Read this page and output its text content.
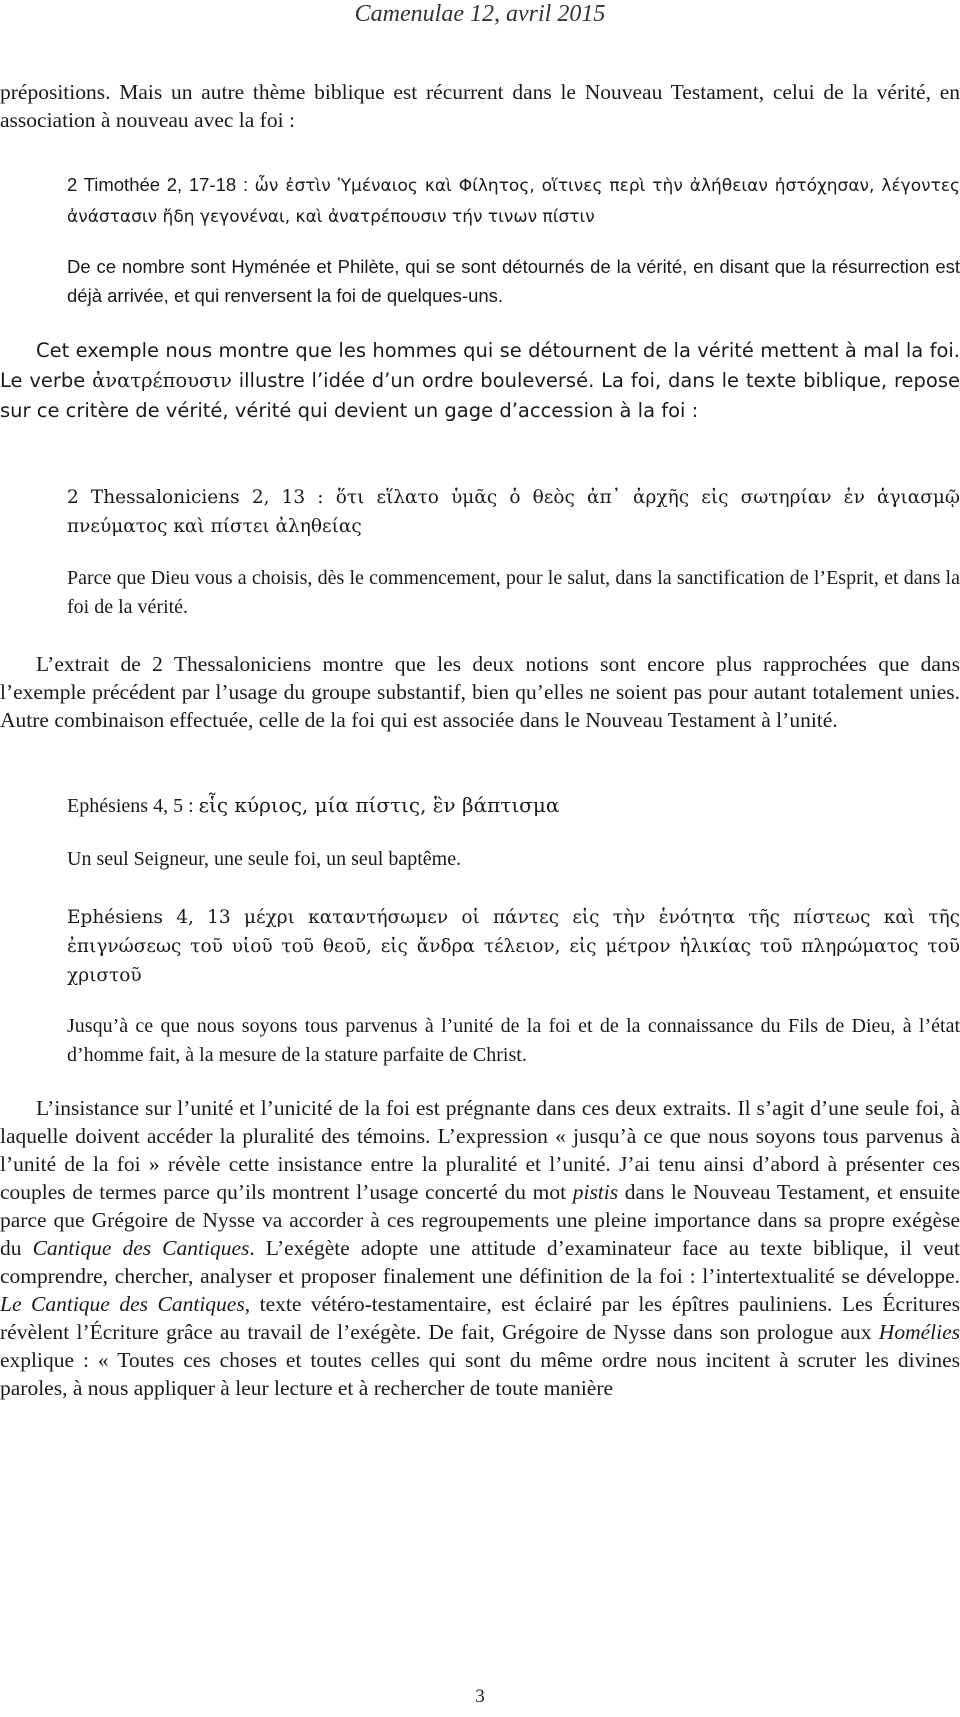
Camenulae 12, avril 2015

prépositions. Mais un autre thème biblique est récurrent dans le Nouveau Testament, celui de la vérité, en association à nouveau avec la foi :

2 Timothée 2, 17-18 : ὧν ἐστὶν Ὑμέναιος καὶ Φίλητος, οἵτινες περὶ τὴν ἀλήθειαν ἠστόχησαν, λέγοντες ἀνάστασιν ἤδη γεγονέναι, καὶ ἀνατρέπουσιν τήν τινων πίστιν
De ce nombre sont Hyménée et Philète, qui se sont détournés de la vérité, en disant que la résurrection est déjà arrivée, et qui renversent la foi de quelques-uns.

Cet exemple nous montre que les hommes qui se détournent de la vérité mettent à mal la foi. Le verbe ἀνατρέπουσιν illustre l’idée d’un ordre bouleversé. La foi, dans le texte biblique, repose sur ce critère de vérité, vérité qui devient un gage d’accession à la foi :

2 Thessaloniciens 2, 13 : ὅτι εἵλατο ὑμᾶς ὁ θεὸς ἀπ᾽ ἀρχῆς εἰς σωτηρίαν ἐν ἁγιασμῷ πνεύματος καὶ πίστει ἀληθείας
Parce que Dieu vous a choisis, dès le commencement, pour le salut, dans la sanctification de l’Esprit, et dans la foi de la vérité.

L’extrait de 2 Thessaloniciens montre que les deux notions sont encore plus rapprochées que dans l’exemple précédent par l’usage du groupe substantif, bien qu’elles ne soient pas pour autant totalement unies. Autre combinaison effectuée, celle de la foi qui est associée dans le Nouveau Testament à l’unité.

Ephésiens 4, 5 : εἷς κύριος, μία πίστις, ἓν βάπτισμα
Un seul Seigneur, une seule foi, un seul baptême.
Ephésiens 4, 13 μέχρι καταντήσωμεν οἱ πάντες εἰς τὴν ἑνότητα τῆς πίστεως καὶ τῆς ἐπιγνώσεως τοῦ υἱοῦ τοῦ θεοῦ, εἰς ἄνδρα τέλειον, εἰς μέτρον ἡλικίας τοῦ πληρώματος τοῦ χριστοῦ
Jusqu’à ce que nous soyons tous parvenus à l’unité de la foi et de la connaissance du Fils de Dieu, à l’état d’homme fait, à la mesure de la stature parfaite de Christ.

L’insistance sur l’unité et l’unicité de la foi est prégnante dans ces deux extraits. Il s’agit d’une seule foi, à laquelle doivent accéder la pluralité des témoins. L’expression « jusqu’à ce que nous soyons tous parvenus à l’unité de la foi » révèle cette insistance entre la pluralité et l’unité. J’ai tenu ainsi d’abord à présenter ces couples de termes parce qu’ils montrent l’usage concerté du mot pistis dans le Nouveau Testament, et ensuite parce que Grégoire de Nysse va accorder à ces regroupements une pleine importance dans sa propre exégèse du Cantique des Cantiques. L’exégète adopte une attitude d’examinateur face au texte biblique, il veut comprendre, chercher, analyser et proposer finalement une définition de la foi : l’intertextualité se développe. Le Cantique des Cantiques, texte vétéro-testamentaire, est éclairé par les épîtres pauliniens. Les Écritures révèlent l’Écriture grâce au travail de l’exégète. De fait, Grégoire de Nysse dans son prologue aux Homélies explique : « Toutes ces choses et toutes celles qui sont du même ordre nous incitent à scruter les divines paroles, à nous appliquer à leur lecture et à rechercher de toute manière

3
